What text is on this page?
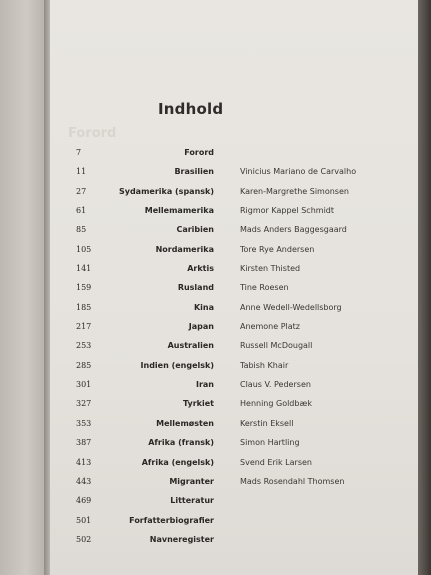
Forord
Indhold
7	Forord
11	Brasilien	Vinicius Mariano de Carvalho
27	Sydamerika (spansk)	Karen-Margrethe Simonsen
61	Mellemamerika	Rigmor Kappel Schmidt
85	Caribien	Mads Anders Baggesgaard
105	Nordamerika	Tore Rye Andersen
141	Arktis	Kirsten Thisted
159	Rusland	Tine Roesen
185	Kina	Anne Wedell-Wedellsborg
217	Japan	Anemone Platz
253	Australien	Russell McDougall
285	Indien (engelsk)	Tabish Khair
301	Iran	Claus V. Pedersen
327	Tyrkiet	Henning Goldbæk
353	Mellemøsten	Kerstin Eksell
387	Afrika (fransk)	Simon Hartling
413	Afrika (engelsk)	Svend Erik Larsen
443	Migranter	Mads Rosendahl Thomsen
469	Litteratur
501	Forfatterbiografier
502	Navneregister
